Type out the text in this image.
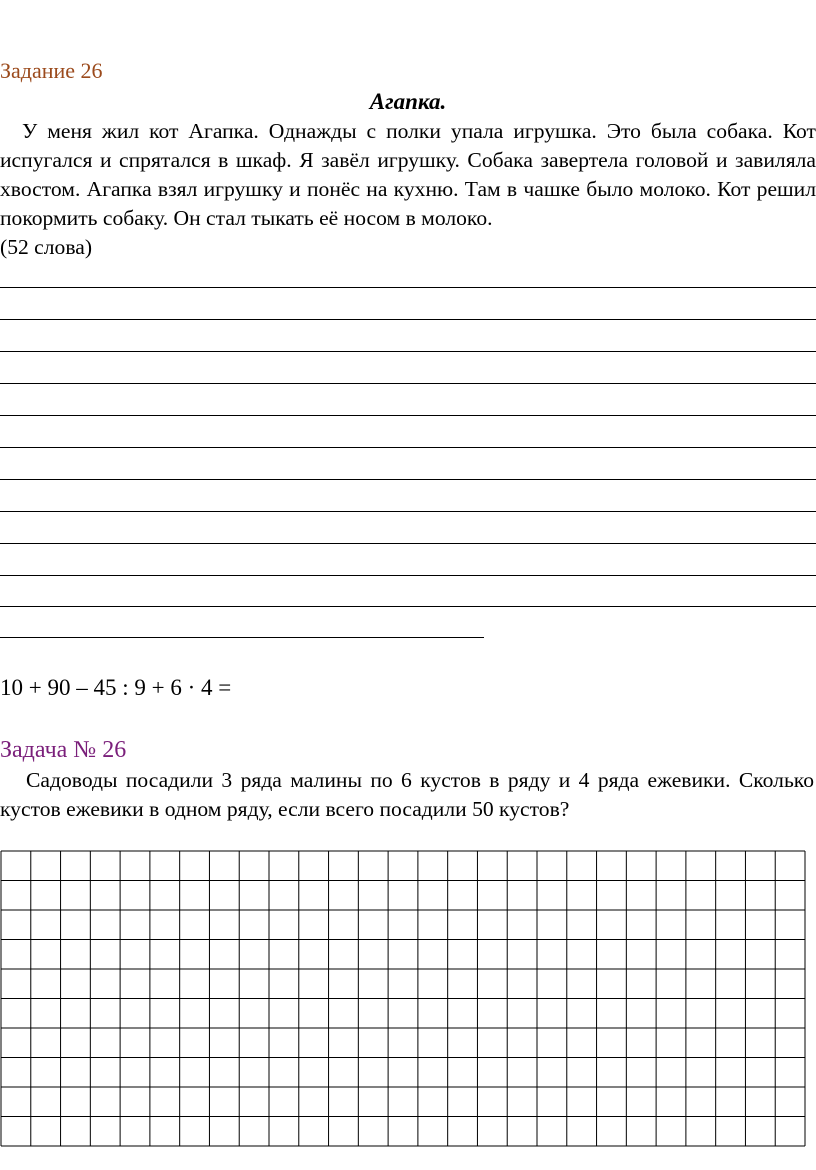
Задание 26
Агапка.

У меня жил кот Агапка. Однажды с полки упала игрушка. Это была собака. Кот испугался и спрятался в шкаф. Я завёл игрушку. Собака завертела головой и завиляла хвостом. Агапка взял игрушку и понёс на кухню. Там в чашке было молоко. Кот решил покормить собаку. Он стал тыкать её носом в молоко.

(52 слова)

10 + 90 – 45 : 9 + 6 · 4 =

Задача № 26

Садоводы посадили 3 ряда малины по 6 кустов в ряду и 4 ряда ежевики. Сколько кустов ежевики в одном ряду, если всего посадили 50 кустов?
